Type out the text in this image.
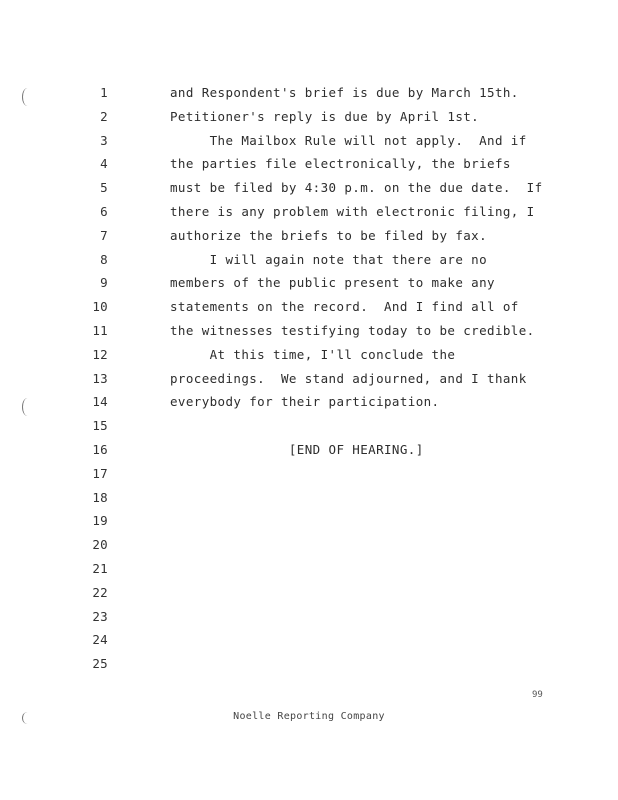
1
2
3
4
5
6
7
8
9
10
11
12
13
14
15
16
17
18
19
20
21
22
23
24
25
and Respondent's brief is due by March 15th.
Petitioner's reply is due by April 1st.
The Mailbox Rule will not apply.  And if
the parties file electronically, the briefs
must be filed by 4:30 p.m. on the due date.  If
there is any problem with electronic filing, I
authorize the briefs to be filed by fax.
I will again note that there are no
members of the public present to make any
statements on the record.  And I find all of
the witnesses testifying today to be credible.
At this time, I'll conclude the
proceedings.  We stand adjourned, and I thank
everybody for their participation.
[END OF HEARING.]
99
Noelle Reporting Company
